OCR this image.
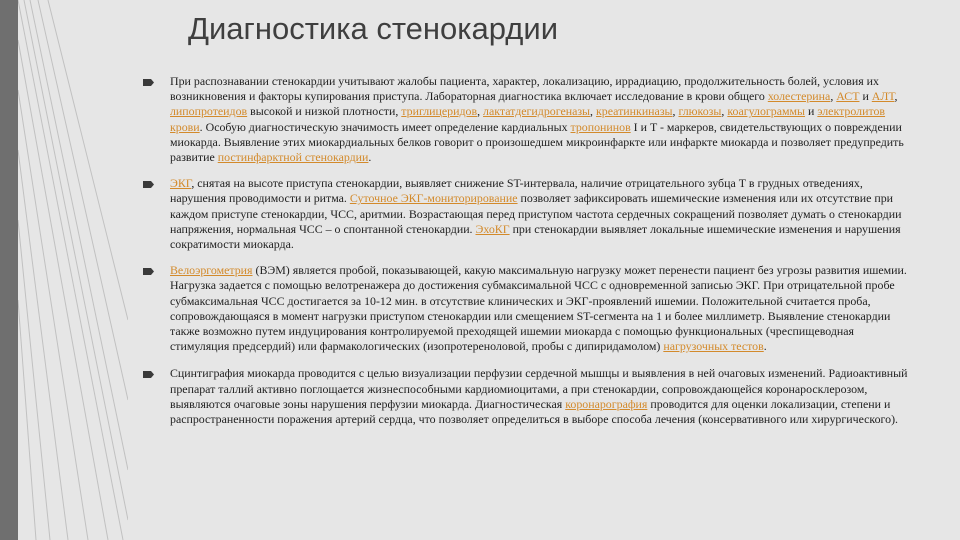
Диагностика стенокардии

При распознавании стенокардии учитывают жалобы пациента, характер, локализацию, иррадиацию, продолжительность болей, условия их возникновения и факторы купирования приступа. Лабораторная диагностика включает исследование в крови общего холестерина, АСТ и АЛТ, липопротеидов высокой и низкой плотности, триглицеридов, лактатдегидрогеназы, креатинкиназы, глюкозы, коагулограммы и электролитов крови. Особую диагностическую значимость имеет определение кардиальных тропонинов I и T - маркеров, свидетельствующих о повреждении миокарда. Выявление этих миокардиальных белков говорит о произошедшем микроинфаркте или инфаркте миокарда и позволяет предупредить развитие постинфарктной стенокардии.

ЭКГ, снятая на высоте приступа стенокардии, выявляет снижение ST-интервала, наличие отрицательного зубца Т в грудных отведениях, нарушения проводимости и ритма. Суточное ЭКГ-мониторирование позволяет зафиксировать ишемические изменения или их отсутствие при каждом приступе стенокардии, ЧСС, аритмии. Возрастающая перед приступом частота сердечных сокращений позволяет думать о стенокардии напряжения, нормальная ЧСС – о спонтанной стенокардии. ЭхоКГ при стенокардии выявляет локальные ишемические изменения и нарушения сократимости миокарда.

Велоэргометрия (ВЭМ) является пробой, показывающей, какую максимальную нагрузку может перенести пациент без угрозы развития ишемии. Нагрузка задается с помощью велотренажера до достижения субмаксимальной ЧСС с одновременной записью ЭКГ. При отрицательной пробе субмаксимальная ЧСС достигается за 10-12 мин. в отсутствие клинических и ЭКГ-проявлений ишемии. Положительной считается проба, сопровождающаяся в момент нагрузки приступом стенокардии или смещением ST-сегмента на 1 и более миллиметр. Выявление стенокардии также возможно путем индуцирования контролируемой преходящей ишемии миокарда с помощью функциональных (чреспищеводная стимуляция предсердий) или фармакологических (изопротереноловой, пробы с дипиридамолом) нагрузочных тестов.

Сцинтиграфия миокарда проводится с целью визуализации перфузии сердечной мышцы и выявления в ней очаговых изменений. Радиоактивный препарат таллий активно поглощается жизнеспособными кардиомиоцитами, а при стенокардии, сопровождающейся коронаросклерозом, выявляются очаговые зоны нарушения перфузии миокарда. Диагностическая коронарография проводится для оценки локализации, степени и распространенности поражения артерий сердца, что позволяет определиться в выборе способа лечения (консервативного или хирургического).
